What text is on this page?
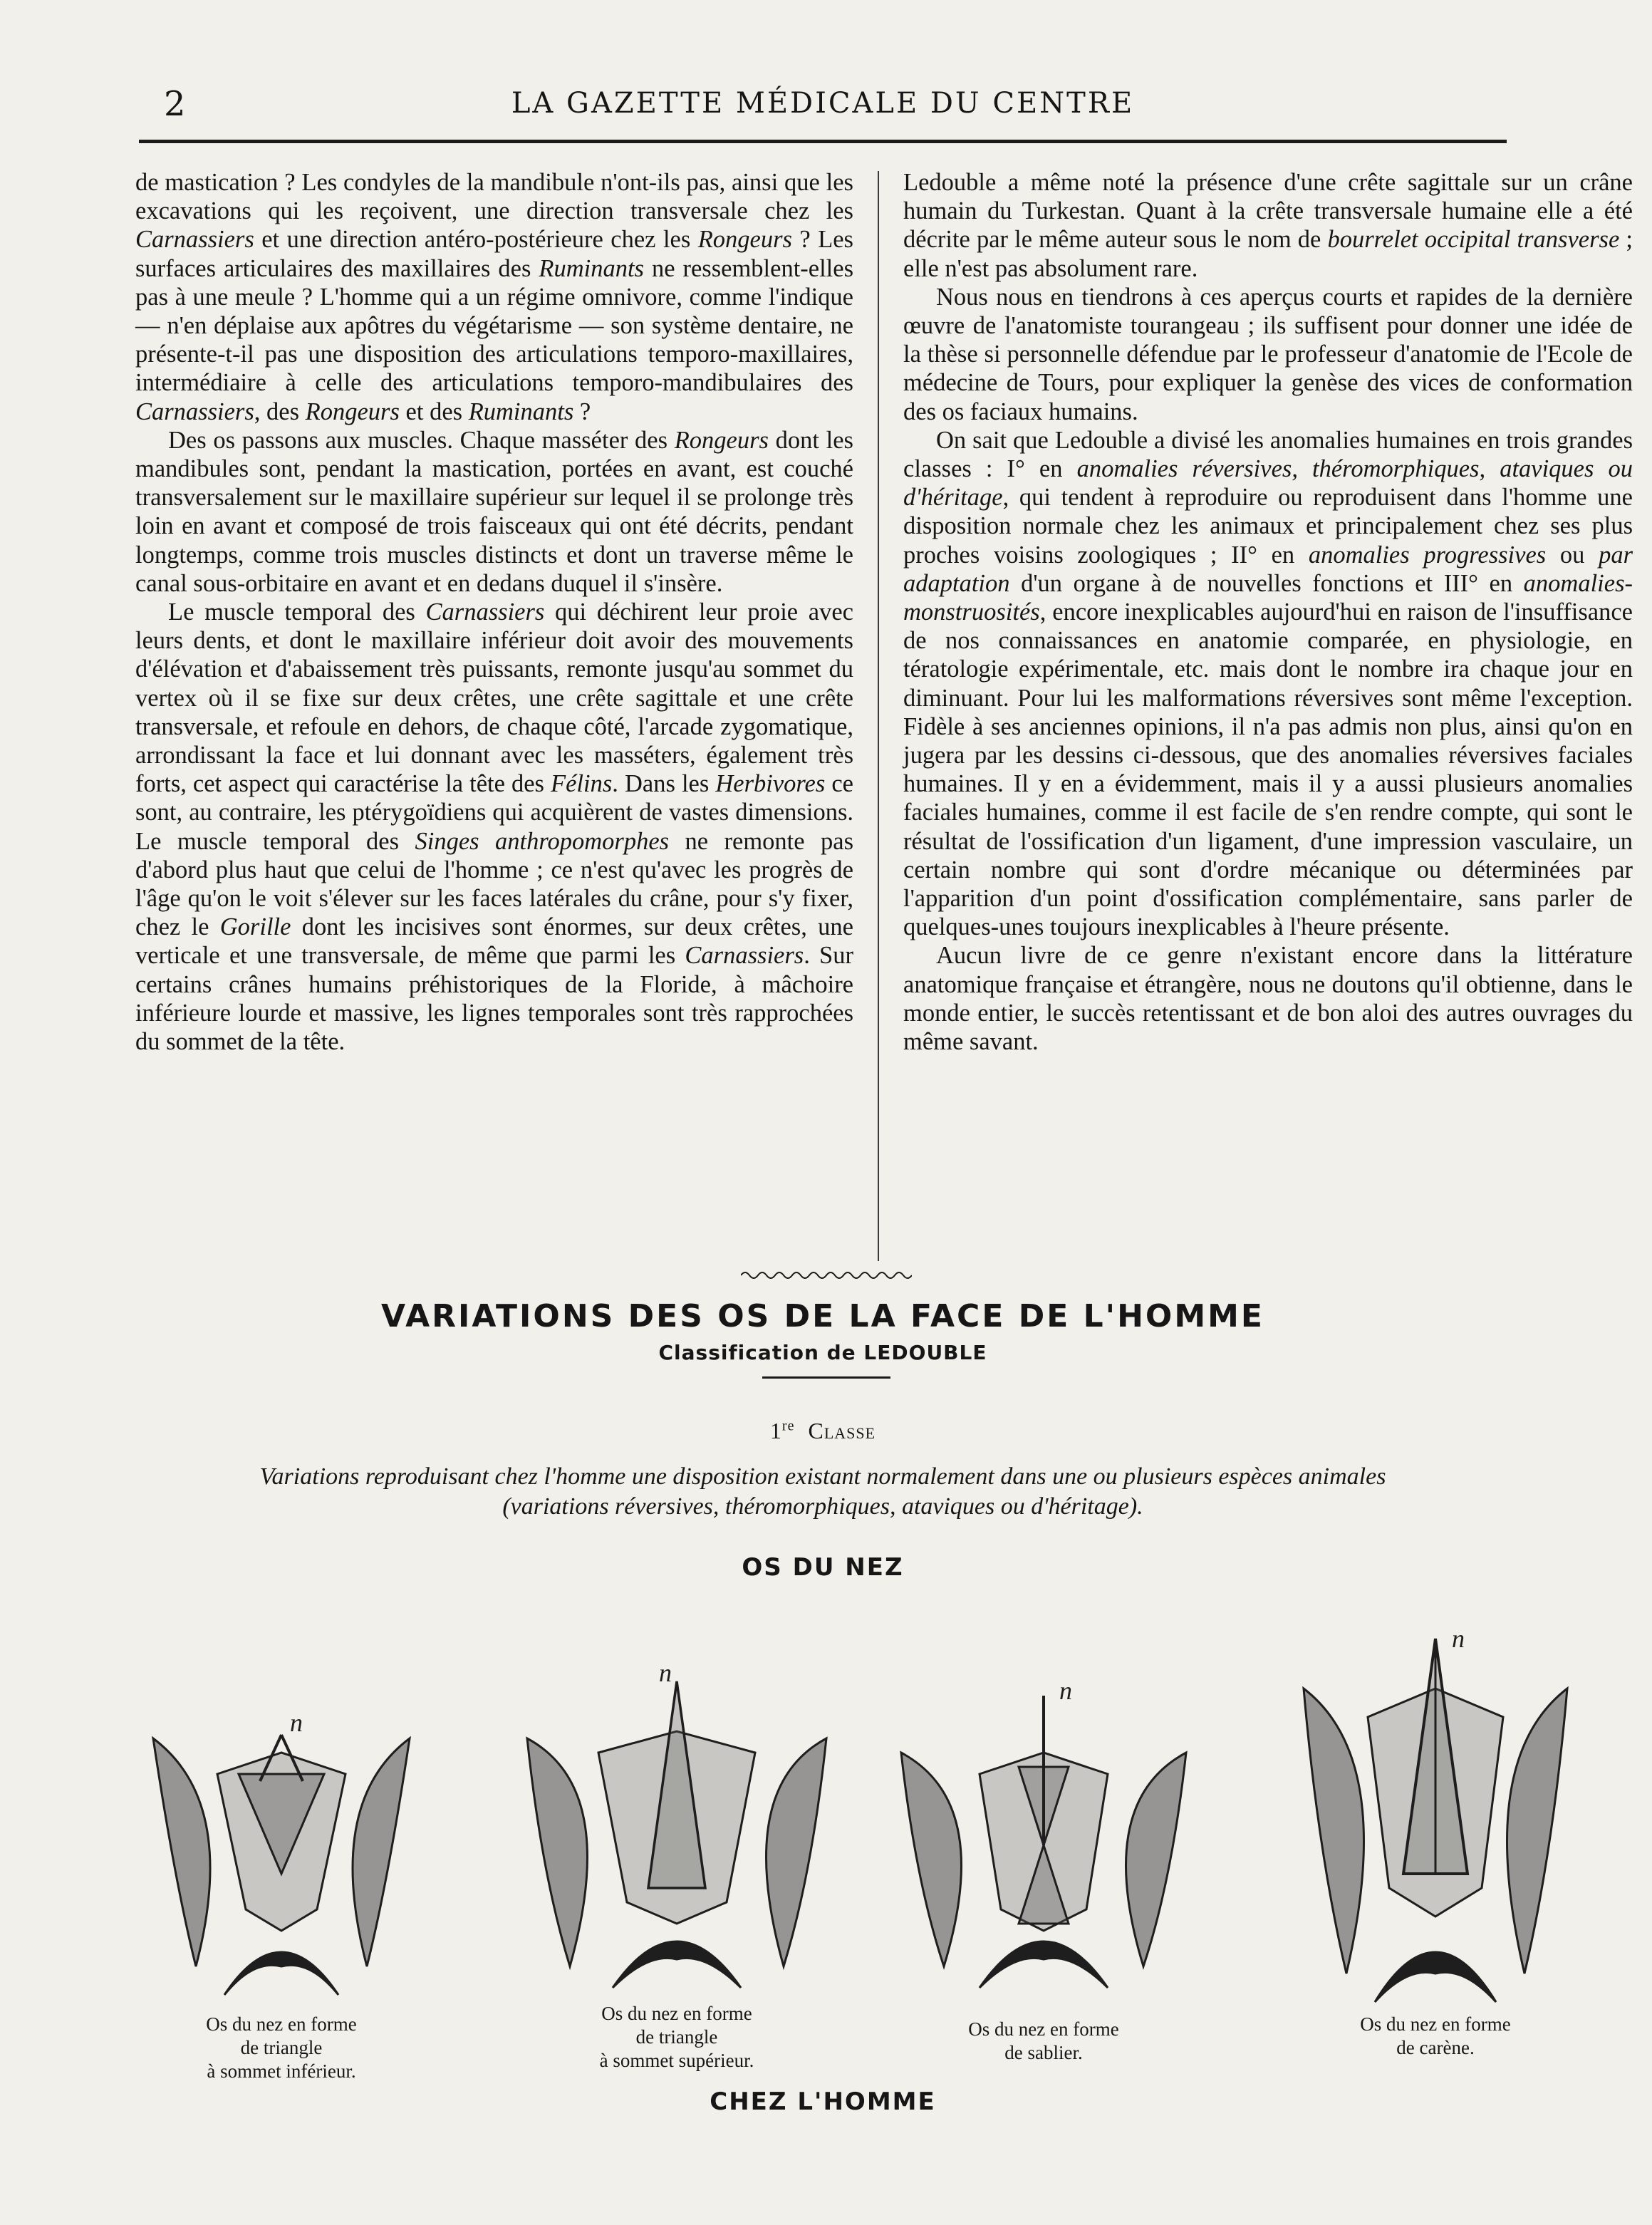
2	LA GAZETTE MÉDICALE DU CENTRE

de mastication ? Les condyles de la mandibule n'ont-ils pas, ainsi que les excavations qui les reçoivent, une direction transversale chez les Carnassiers et une direction antéro-postérieure chez les Rongeurs ? Les surfaces articulaires des maxillaires des Ruminants ne ressemblent-elles pas à une meule ? L'homme qui a un régime omnivore, comme l'indique — n'en déplaise aux apôtres du végétarisme — son système dentaire, ne présente-t-il pas une disposition des articulations temporo-maxillaires, intermédiaire à celle des articulations temporo-mandibulaires des Carnassiers, des Rongeurs et des Ruminants ?

Des os passons aux muscles. Chaque masséter des Rongeurs dont les mandibules sont, pendant la mastication, portées en avant, est couché transversalement sur le maxillaire supérieur sur lequel il se prolonge très loin en avant et composé de trois faisceaux qui ont été décrits, pendant longtemps, comme trois muscles distincts et dont un traverse même le canal sous-orbitaire en avant et en dedans duquel il s'insère.

Le muscle temporal des Carnassiers qui déchirent leur proie avec leurs dents, et dont le maxillaire inférieur doit avoir des mouvements d'élévation et d'abaissement très puissants, remonte jusqu'au sommet du vertex où il se fixe sur deux crêtes, une crête sagittale et une crête transversale, et refoule en dehors, de chaque côté, l'arcade zygomatique, arrondissant la face et lui donnant avec les masséters, également très forts, cet aspect qui caractérise la tête des Félins. Dans les Herbivores ce sont, au contraire, les ptérygoïdiens qui acquièrent de vastes dimensions. Le muscle temporal des Singes anthropomorphes ne remonte pas d'abord plus haut que celui de l'homme ; ce n'est qu'avec les progrès de l'âge qu'on le voit s'élever sur les faces latérales du crâne, pour s'y fixer, chez le Gorille dont les incisives sont énormes, sur deux crêtes, une verticale et une transversale, de même que parmi les Carnassiers. Sur certains crânes humains préhistoriques de la Floride, à mâchoire inférieure lourde et massive, les lignes temporales sont très rapprochées du sommet de la tête.

Ledouble a même noté la présence d'une crête sagittale sur un crâne humain du Turkestan. Quant à la crête transversale humaine elle a été décrite par le même auteur sous le nom de bourrelet occipital transverse ; elle n'est pas absolument rare.

Nous nous en tiendrons à ces aperçus courts et rapides de la dernière œuvre de l'anatomiste tourangeau ; ils suffisent pour donner une idée de la thèse si personnelle défendue par le professeur d'anatomie de l'Ecole de médecine de Tours, pour expliquer la genèse des vices de conformation des os faciaux humains.

On sait que Ledouble a divisé les anomalies humaines en trois grandes classes : I° en anomalies réversives, théromorphiques, ataviques ou d'héritage, qui tendent à reproduire ou reproduisent dans l'homme une disposition normale chez les animaux et principalement chez ses plus proches voisins zoologiques ; II° en anomalies progressives ou par adaptation d'un organe à de nouvelles fonctions et III° en anomalies-monstruosités, encore inexplicables aujourd'hui en raison de l'insuffisance de nos connaissances en anatomie comparée, en physiologie, en tératologie expérimentale, etc. mais dont le nombre ira chaque jour en diminuant. Pour lui les malformations réversives sont même l'exception. Fidèle à ses anciennes opinions, il n'a pas admis non plus, ainsi qu'on en jugera par les dessins ci-dessous, que des anomalies réversives faciales humaines. Il y en a évidemment, mais il y a aussi plusieurs anomalies faciales humaines, comme il est facile de s'en rendre compte, qui sont le résultat de l'ossification d'un ligament, d'une impression vasculaire, un certain nombre qui sont d'ordre mécanique ou déterminées par l'apparition d'un point d'ossification complémentaire, sans parler de quelques-unes toujours inexplicables à l'heure présente.

Aucun livre de ce genre n'existant encore dans la littérature anatomique française et étrangère, nous ne doutons qu'il obtienne, dans le monde entier, le succès retentissant et de bon aloi des autres ouvrages du même savant.

VARIATIONS DES OS DE LA FACE DE L'HOMME
Classification de LEDOUBLE
1re Classe
Variations reproduisant chez l'homme une disposition existant normalement dans une ou plusieurs espèces animales
(variations réversives, théromorphiques, ataviques ou d'héritage).
OS DU NEZ
n
Os du nez en forme
de triangle
à sommet inférieur.
n
Os du nez en forme
de triangle
à sommet supérieur.
n
Os du nez en forme
de sablier.
n
Os du nez en forme
de carène.
CHEZ L'HOMME
